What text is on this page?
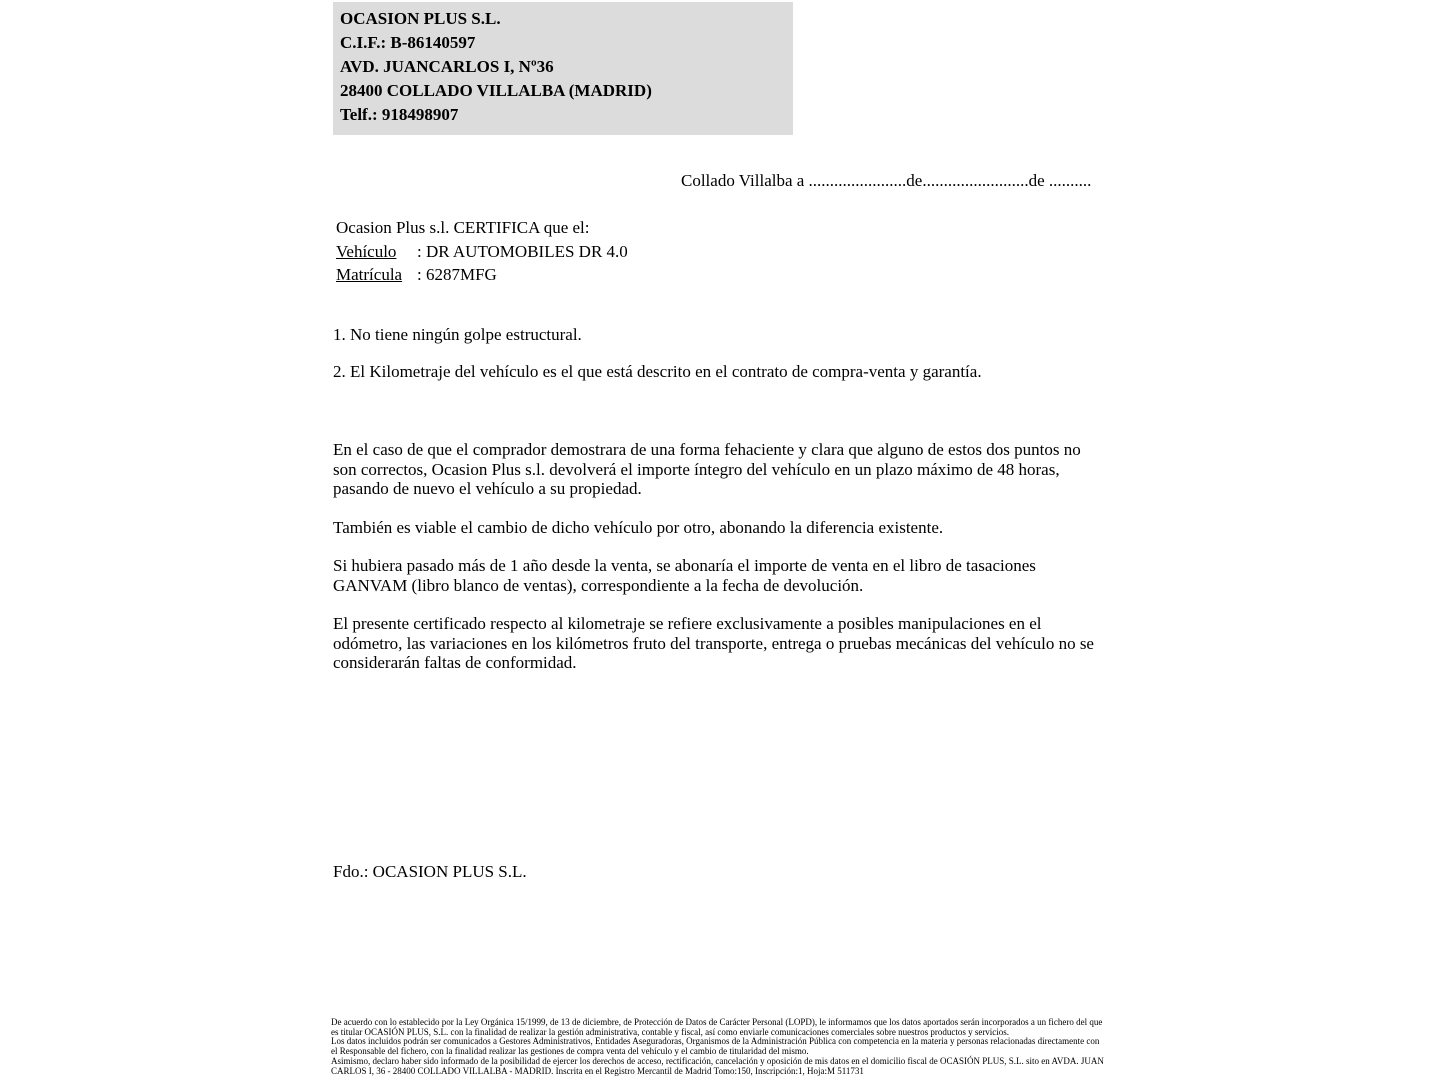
OCASION PLUS S.L.
C.I.F.: B-86140597
AVD. JUANCARLOS I, Nº36
28400 COLLADO VILLALBA (MADRID)
Telf.: 918498907
Collado Villalba a .......................de.........................de ..........
Ocasion Plus s.l. CERTIFICA que el:
Vehículo : DR AUTOMOBILES DR 4.0
Matrícula : 6287MFG
1. No tiene ningún golpe estructural.
2. El Kilometraje del vehículo es el que está descrito en el contrato de compra-venta y garantía.

En el caso de que el comprador demostrara de una forma fehaciente y clara que alguno de estos dos puntos no son correctos, Ocasion Plus s.l. devolverá el importe íntegro del vehículo en un plazo máximo de 48 horas, pasando de nuevo el vehículo a su propiedad.

También es viable el cambio de dicho vehículo por otro, abonando la diferencia existente.

Si hubiera pasado más de 1 año desde la venta, se abonaría el importe de venta en el libro de tasaciones GANVAM (libro blanco de ventas), correspondiente a la fecha de devolución.

El presente certificado respecto al kilometraje se refiere exclusivamente a posibles manipulaciones en el odómetro, las variaciones en los kilómetros fruto del transporte, entrega o pruebas mecánicas del vehículo no se considerarán faltas de conformidad.

Fdo.: OCASION PLUS S.L.

De acuerdo con lo establecido por la Ley Orgánica 15/1999, de 13 de diciembre, de Protección de Datos de Carácter Personal (LOPD), le informamos que los datos aportados serán incorporados a un fichero del que es titular OCASIÓN PLUS, S.L. con la finalidad de realizar la gestión administrativa, contable y fiscal, así como enviarle comunicaciones comerciales sobre nuestros productos y servicios.

Los datos incluidos podrán ser comunicados a Gestores Administrativos, Entidades Aseguradoras, Organismos de la Administración Pública con competencia en la materia y personas relacionadas directamente con el Responsable del fichero, con la finalidad realizar las gestiones de compra venta del vehículo y el cambio de titularidad del mismo.

Asimismo, declaro haber sido informado de la posibilidad de ejercer los derechos de acceso, rectificación, cancelación y oposición de mis datos en el domicilio fiscal de OCASIÓN PLUS, S.L. sito en AVDA. JUAN CARLOS I, 36 - 28400 COLLADO VILLALBA - MADRID. Inscrita en el Registro Mercantil de Madrid Tomo:150, Inscripción:1, Hoja:M 511731
